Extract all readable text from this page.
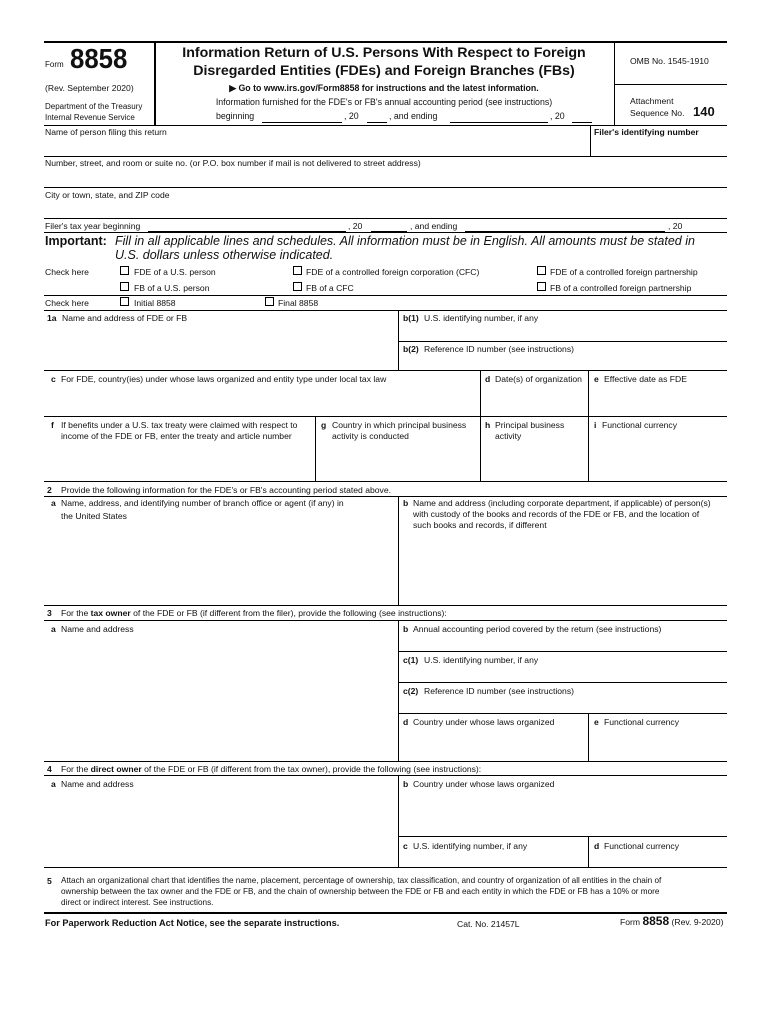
Form 8858
(Rev. September 2020)
Department of the Treasury
Internal Revenue Service
Information Return of U.S. Persons With Respect to Foreign
Disregarded Entities (FDEs) and Foreign Branches (FBs)
▶ Go to www.irs.gov/Form8858 for instructions and the latest information.
Information furnished for the FDE's or FB's annual accounting period (see instructions)
beginning	, 20	, and ending	, 20
OMB No. 1545-1910
Attachment
Sequence No. 140
Name of person filing this return	Filer's identifying number
Number, street, and room or suite no. (or P.O. box number if mail is not delivered to street address)
City or town, state, and ZIP code
Filer's tax year beginning	, 20	, and ending	, 20
Important: Fill in all applicable lines and schedules. All information must be in English. All amounts must be stated in
U.S. dollars unless otherwise indicated.
Check here	FDE of a U.S. person	FDE of a controlled foreign corporation (CFC)	FDE of a controlled foreign partnership
FB of a U.S. person	FB of a CFC	FB of a controlled foreign partnership
Check here	Initial 8858	Final 8858
1a Name and address of FDE or FB	b(1) U.S. identifying number, if any
b(2) Reference ID number (see instructions)
c For FDE, country(ies) under whose laws organized and entity type under local tax law	d Date(s) of organization e Effective date as FDE
f If benefits under a U.S. tax treaty were claimed with respect to
income of the FDE or FB, enter the treaty and article number
g Country in which principal business
activity is conducted
h Principal business
activity
i Functional currency
2 Provide the following information for the FDE's or FB's accounting period stated above.
a Name, address, and identifying number of branch office or agent (if any) in
the United States
b Name and address (including corporate department, if applicable) of person(s)
with custody of the books and records of the FDE or FB, and the location of
such books and records, if different
3 For the tax owner of the FDE or FB (if different from the filer), provide the following (see instructions):
a Name and address	b Annual accounting period covered by the return (see instructions)
c(1) U.S. identifying number, if any
c(2) Reference ID number (see instructions)
d Country under whose laws organized	e Functional currency
4 For the direct owner of the FDE or FB (if different from the tax owner), provide the following (see instructions):
a Name and address	b Country under whose laws organized
c U.S. identifying number, if any	d Functional currency
5 Attach an organizational chart that identifies the name, placement, percentage of ownership, tax classification, and country of organization of all entities in the chain of
ownership between the tax owner and the FDE or FB, and the chain of ownership between the FDE or FB and each entity in which the FDE or FB has a 10% or more
direct or indirect interest. See instructions.
For Paperwork Reduction Act Notice, see the separate instructions.	Cat. No. 21457L	Form 8858 (Rev. 9-2020)
